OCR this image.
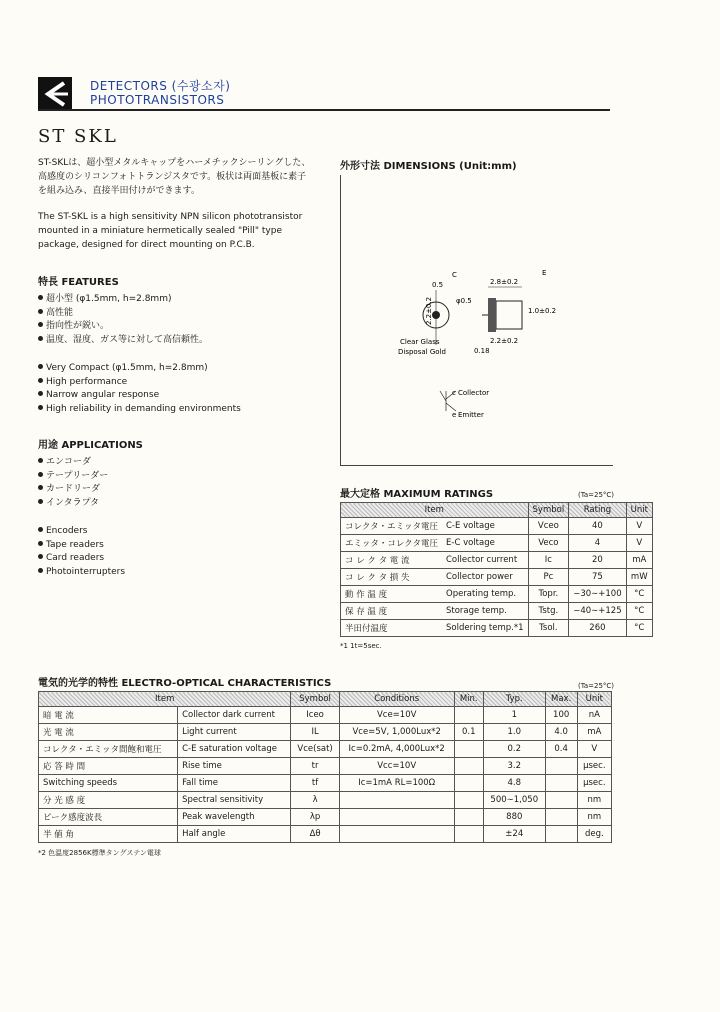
DETECTORS (수광소자)
PHOTOTRANSISTORS
ST SKL
ST-SKLは、超小型メタルキャップをハーメチックシーリングした、高感度のシリコンフォトトランジスタです。板状は両面基板に素子を組み込み、直接半田付けができます。
The ST-SKL is a high sensitivity NPN silicon phototransistor mounted in a miniature hermetically sealed "Pill" type package, designed for direct mounting on P.C.B.
特長 FEATURES
超小型 (φ1.5mm, h=2.8mm)
高性能
指向性が鋭い。
温度、湿度、ガス等に対して高信頼性。
Very Compact (φ1.5mm, h=2.8mm)
High performance
Narrow angular response
High reliability in demanding environments
用途 APPLICATIONS
エンコーダ
テープリーダー
カードリーダ
インタラプタ
Encoders
Tape readers
Card readers
Photointerrupters
外形寸法 DIMENSIONS (Unit:mm)
0.5
C
2.8±0.2
E
φ0.5
2.2±0.2
1.0±0.2
2.2±0.2
0.18
Clear Glass
Disposal Gold
Collector
Emitter
c
e
最大定格 MAXIMUM RATINGS	(Ta=25°C)
Item		Symbol	Rating	Unit
コレクタ・エミッタ電圧	C-E voltage	Vceo	40	V
エミッタ・コレクタ電圧	E-C voltage	Veco	4	V
コ レ ク タ 電 流	Collector current	Ic	20	mA
コ レ ク タ 損 失	Collector power	Pc	75	mW
動 作 温 度	Operating temp.	Topr.	−30∼+100	°C
保 存 温 度	Storage temp.	Tstg.	−40∼+125	°C
半田付温度	Soldering temp.*1	Tsol.	260	°C
*1 1t=5sec.
電気的光学的特性 ELECTRO-OPTICAL CHARACTERISTICS	(Ta=25°C)
Item		Symbol	Conditions	Min.	Typ.	Max.	Unit
暗 電 流	Collector dark current	Iceo	Vce=10V		1	100	nA
光 電 流	Light current	IL	Vce=5V, 1,000Lux*2	0.1	1.0	4.0	mA
コレクタ・エミッタ間飽和電圧	C-E saturation voltage	Vce(sat)	Ic=0.2mA, 4,000Lux*2		0.2	0.4	V
応 答 時 間	Rise time	tr	Vcc=10V		3.2		μsec.
Switching speeds	Fall time	tf	Ic=1mA RL=100Ω		4.8		μsec.
分 光 感 度	Spectral sensitivity	λ			500∼1,050		nm
ピーク感度波長	Peak wavelength	λp			880		nm
半 値 角	Half angle	Δθ			±24		deg.
*2 色温度2856K標準タングステン電球
